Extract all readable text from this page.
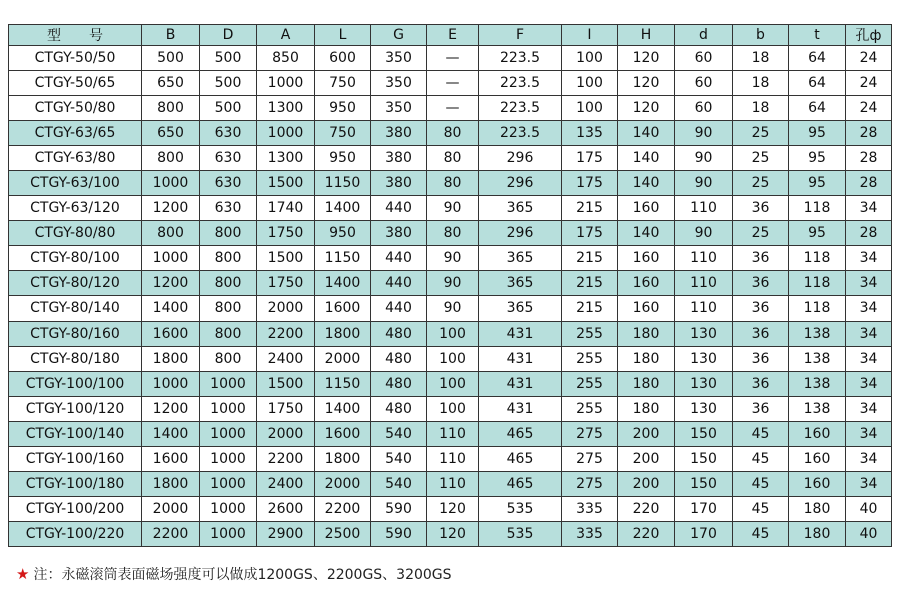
型　　号	B	D	A	L	G	E	F	I	H	d	b	t	孔ф
CTGY-50/50	500	500	850	600	350	—	223.5	100	120	60	18	64	24
CTGY-50/65	650	500	1000	750	350	—	223.5	100	120	60	18	64	24
CTGY-50/80	800	500	1300	950	350	—	223.5	100	120	60	18	64	24
CTGY-63/65	650	630	1000	750	380	80	223.5	135	140	90	25	95	28
CTGY-63/80	800	630	1300	950	380	80	296	175	140	90	25	95	28
CTGY-63/100	1000	630	1500	1150	380	80	296	175	140	90	25	95	28
CTGY-63/120	1200	630	1740	1400	440	90	365	215	160	110	36	118	34
CTGY-80/80	800	800	1750	950	380	80	296	175	140	90	25	95	28
CTGY-80/100	1000	800	1500	1150	440	90	365	215	160	110	36	118	34
CTGY-80/120	1200	800	1750	1400	440	90	365	215	160	110	36	118	34
CTGY-80/140	1400	800	2000	1600	440	90	365	215	160	110	36	118	34
CTGY-80/160	1600	800	2200	1800	480	100	431	255	180	130	36	138	34
CTGY-80/180	1800	800	2400	2000	480	100	431	255	180	130	36	138	34
CTGY-100/100	1000	1000	1500	1150	480	100	431	255	180	130	36	138	34
CTGY-100/120	1200	1000	1750	1400	480	100	431	255	180	130	36	138	34
CTGY-100/140	1400	1000	2000	1600	540	110	465	275	200	150	45	160	34
CTGY-100/160	1600	1000	2200	1800	540	110	465	275	200	150	45	160	34
CTGY-100/180	1800	1000	2400	2000	540	110	465	275	200	150	45	160	34
CTGY-100/200	2000	1000	2600	2200	590	120	535	335	220	170	45	180	40
CTGY-100/220	2200	1000	2900	2500	590	120	535	335	220	170	45	180	40
★ 注：永磁滚筒表面磁场强度可以做成1200GS、2200GS、3200GS
